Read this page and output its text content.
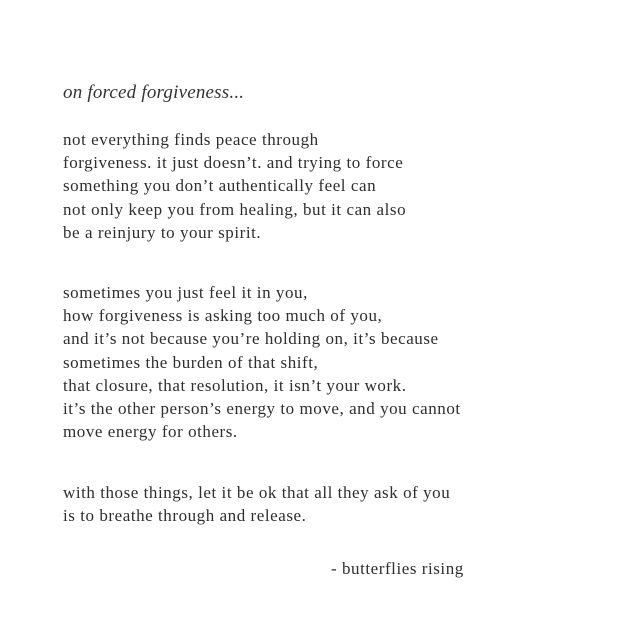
on forced forgiveness...
not everything finds peace through
forgiveness. it just doesn’t. and trying to force
something you don’t authentically feel can
not only keep you from healing, but it can also
be a reinjury to your spirit.
sometimes you just feel it in you,
how forgiveness is asking too much of you,
and it’s not because you’re holding on, it’s because
sometimes the burden of that shift,
that closure, that resolution, it isn’t your work.
it’s the other person’s energy to move, and you cannot
move energy for others.
with those things, let it be ok that all they ask of you
is to breathe through and release.
- butterflies rising
